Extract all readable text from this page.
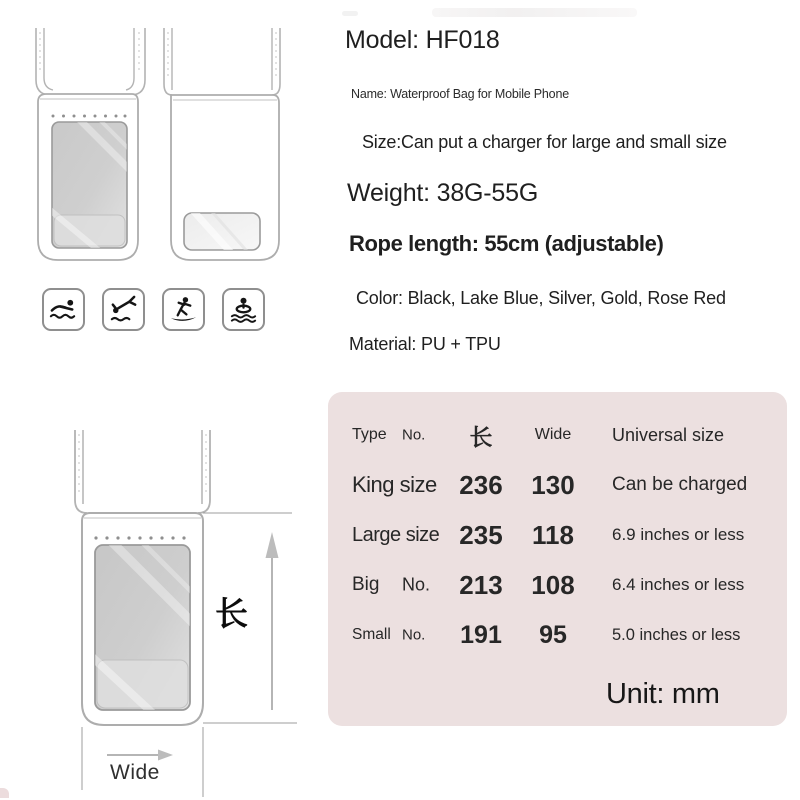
Model: HF018
Name: Waterproof Bag for Mobile Phone
Size:Can put a charger for large and small size
Weight: 38G-55G
Rope length: 55cm (adjustable)
Color: Black, Lake Blue, Silver, Gold, Rose Red
Material: PU + TPU
长
Wide
Type No.	长	Wide	Universal size
King size 236	130	Can be charged
Large size 235	118	6.9 inches or less
Big No.	213	108	6.4 inches or less
Small No.	191	95	5.0 inches or less
Unit: mm
